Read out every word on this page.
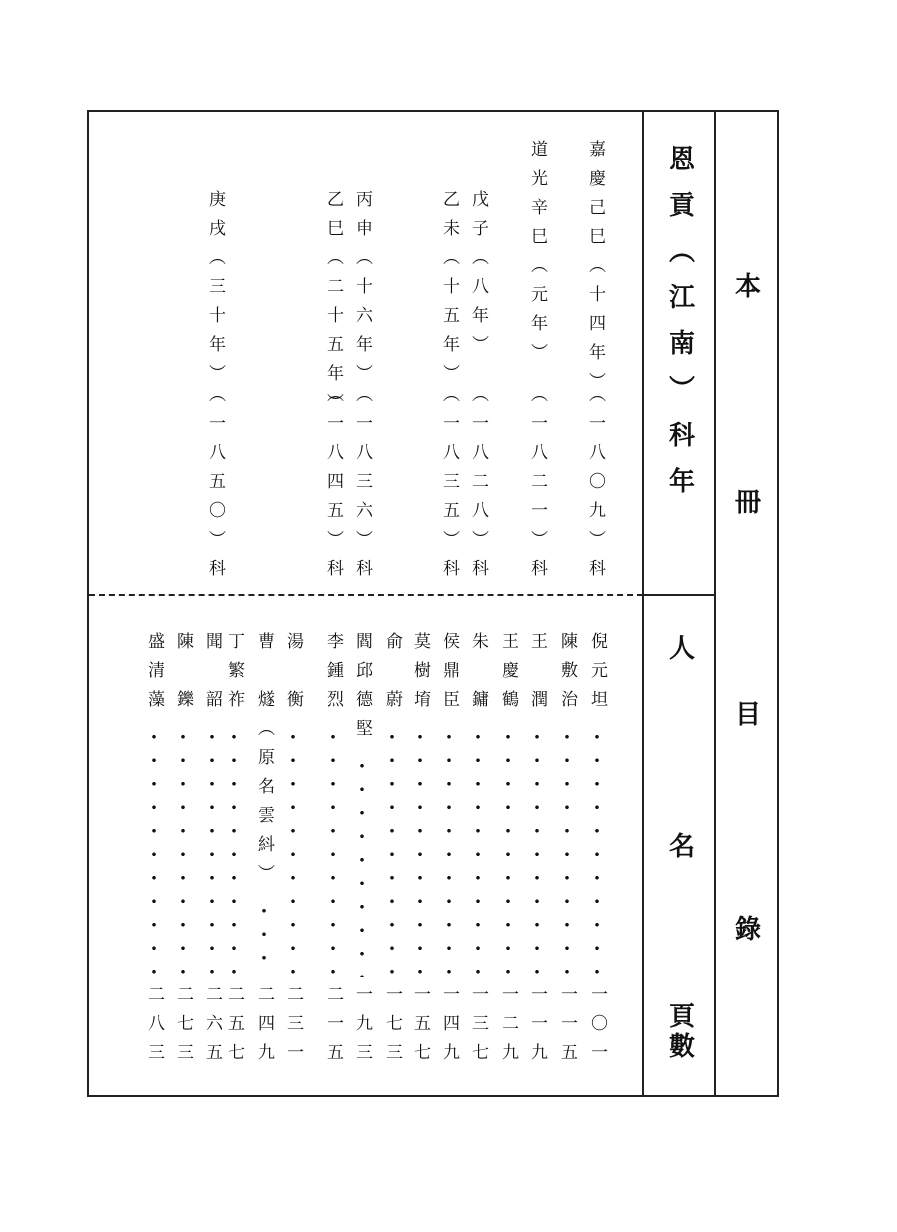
本
冊
目
錄
恩貢（江南）科年
人　　名
頁數
嘉慶己巳（十四年）
（一八〇九）科
道光辛巳（元年）
（一八二一）科
戊子（八年）
（一八二八）科
乙未（十五年）
（一八三五）科
丙申（十六年）
（一八三六）科
乙巳（二十五年）
（一八四五）科
庚戌（三十年）
（一八五〇）科
倪元坦
一〇一
陳敷治
一一五
王　潤
一一九
王慶鶴
一二九
朱　鏞
一三七
侯鼎臣
一四九
莫樹堉
一五七
俞　蔚
一七三
閻邱德堅
一九三
李鍾烈
二一五
湯　衡
二三一
曹　燧（原名雲紏）
二四九
丁繁祚
二五七
聞　韶
二六五
陳　鑠
二七三
盛清藻
二八三
